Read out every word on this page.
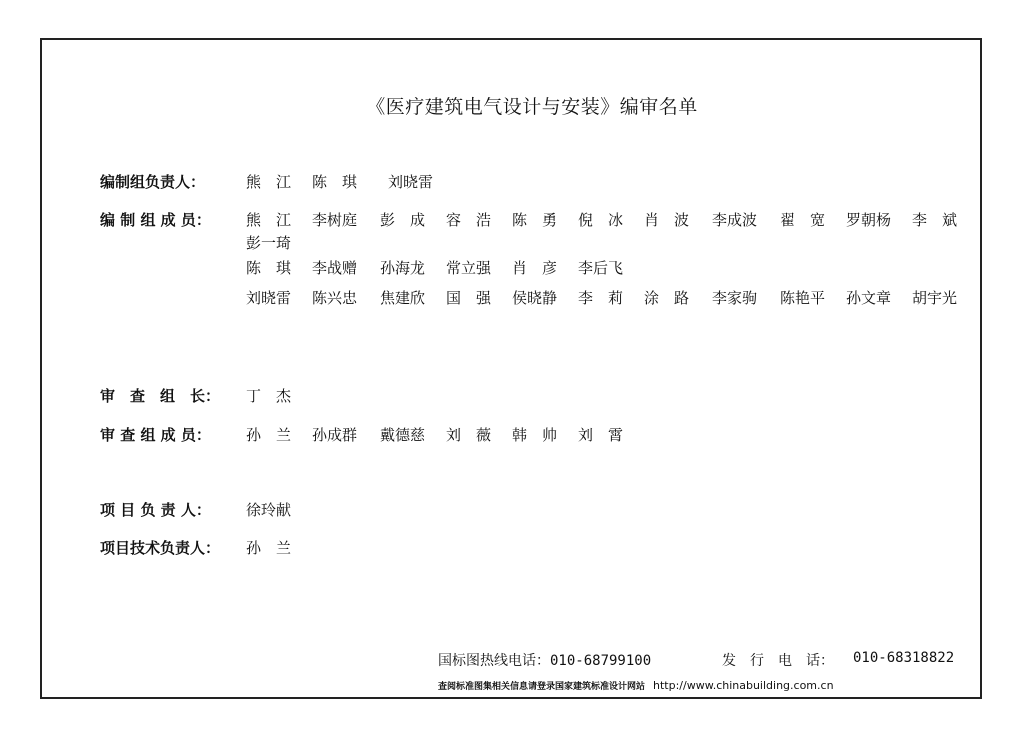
《医疗建筑电气设计与安装》编审名单
编制组负责人：	熊　江 陈　琪 刘晓雷
编 制 组 成 员： 熊　江 李树庭 彭　成 容　浩 陈　勇 倪　冰 肖　波 李成波 翟　宽 罗朝杨 李　斌
彭一琦
陈　琪 李战赠 孙海龙 常立强 肖　彦 李后飞
刘晓雷 陈兴忠 焦建欣 国　强 侯晓静 李　莉 涂　路 李家驹 陈艳平 孙文章 胡宇光
审　查　组　长： 丁　杰
审 查 组 成 员： 孙　兰 孙成群 戴德慈 刘　薇 韩　帅 刘　霄
项 目 负 责 人： 徐玲献
项目技术负责人： 孙　兰
国标图热线电话：010-68799100	发　行　电　话： 010-68318822
查阅标准图集相关信息请登录国家建筑标准设计网站 http://www.chinabuilding.com.cn
